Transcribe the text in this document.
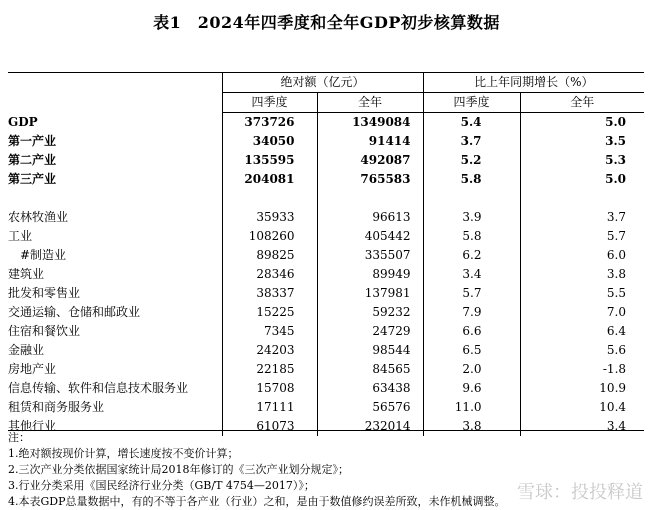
表1　2024年四季度和全年GDP初步核算数据
	绝对额（亿元）		比上年同期增长（%）	
	四季度	全年	四季度	全年
GDP	373726	1349084	5.4	5.0
第一产业	34050	91414	3.7	3.5
第二产业	135595	492087	5.2	5.3
第三产业	204081	765583	5.8	5.0

农林牧渔业	35933	96613	3.9	3.7
工业	108260	405442	5.8	5.7
#制造业	89825	335507	6.2	6.0
建筑业	28346	89949	3.4	3.8
批发和零售业	38337	137981	5.7	5.5
交通运输、仓储和邮政业	15225	59232	7.9	7.0
住宿和餐饮业	7345	24729	6.6	6.4
金融业	24203	98544	6.5	5.6
房地产业	22185	84565	2.0	-1.8
信息传输、软件和信息技术服务业	15708	63438	9.6	10.9
租赁和商务服务业	17111	56576	11.0	10.4
其他行业	61073	232014	3.8	3.4
注：
1.绝对额按现价计算，增长速度按不变价计算；
2.三次产业分类依据国家统计局2018年修订的《三次产业划分规定》；
3.行业分类采用《国民经济行业分类（GB/T 4754—2017）》；
4.本表GDP总量数据中，有的不等于各产业（行业）之和，是由于数值修约误差所致，未作机械调整。 雪球：投投释道
